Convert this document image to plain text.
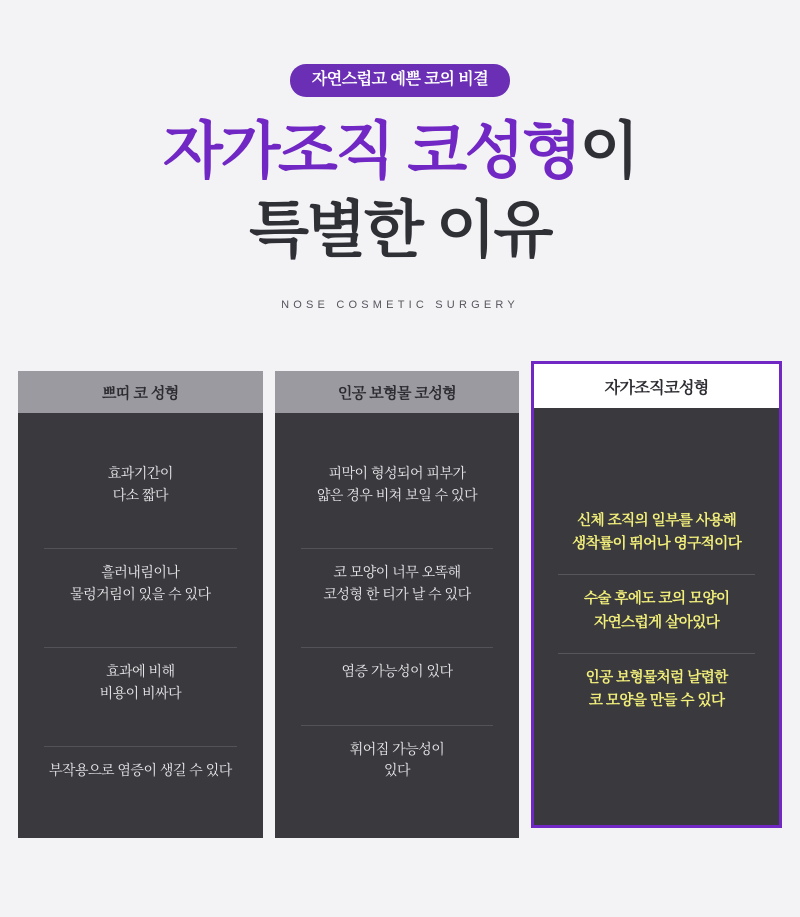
자연스럽고 예쁜 코의 비결
자가조직 코성형이
특별한 이유
NOSE COSMETIC SURGERY
쁘띠 코 성형
효과기간이
다소 짧다
흘러내림이나
물렁거림이 있을 수 있다
효과에 비해
비용이 비싸다
부작용으로 염증이 생길 수 있다
인공 보형물 코성형
피막이 형성되어 피부가
얇은 경우 비쳐 보일 수 있다
코 모양이 너무 오똑해
코성형 한 티가 날 수 있다
염증 가능성이 있다
휘어짐 가능성이
있다
자가조직코성형
신체 조직의 일부를 사용해
생착률이 뛰어나 영구적이다
수술 후에도 코의 모양이
자연스럽게 살아있다
인공 보형물처럼 날렵한
코 모양을 만들 수 있다
